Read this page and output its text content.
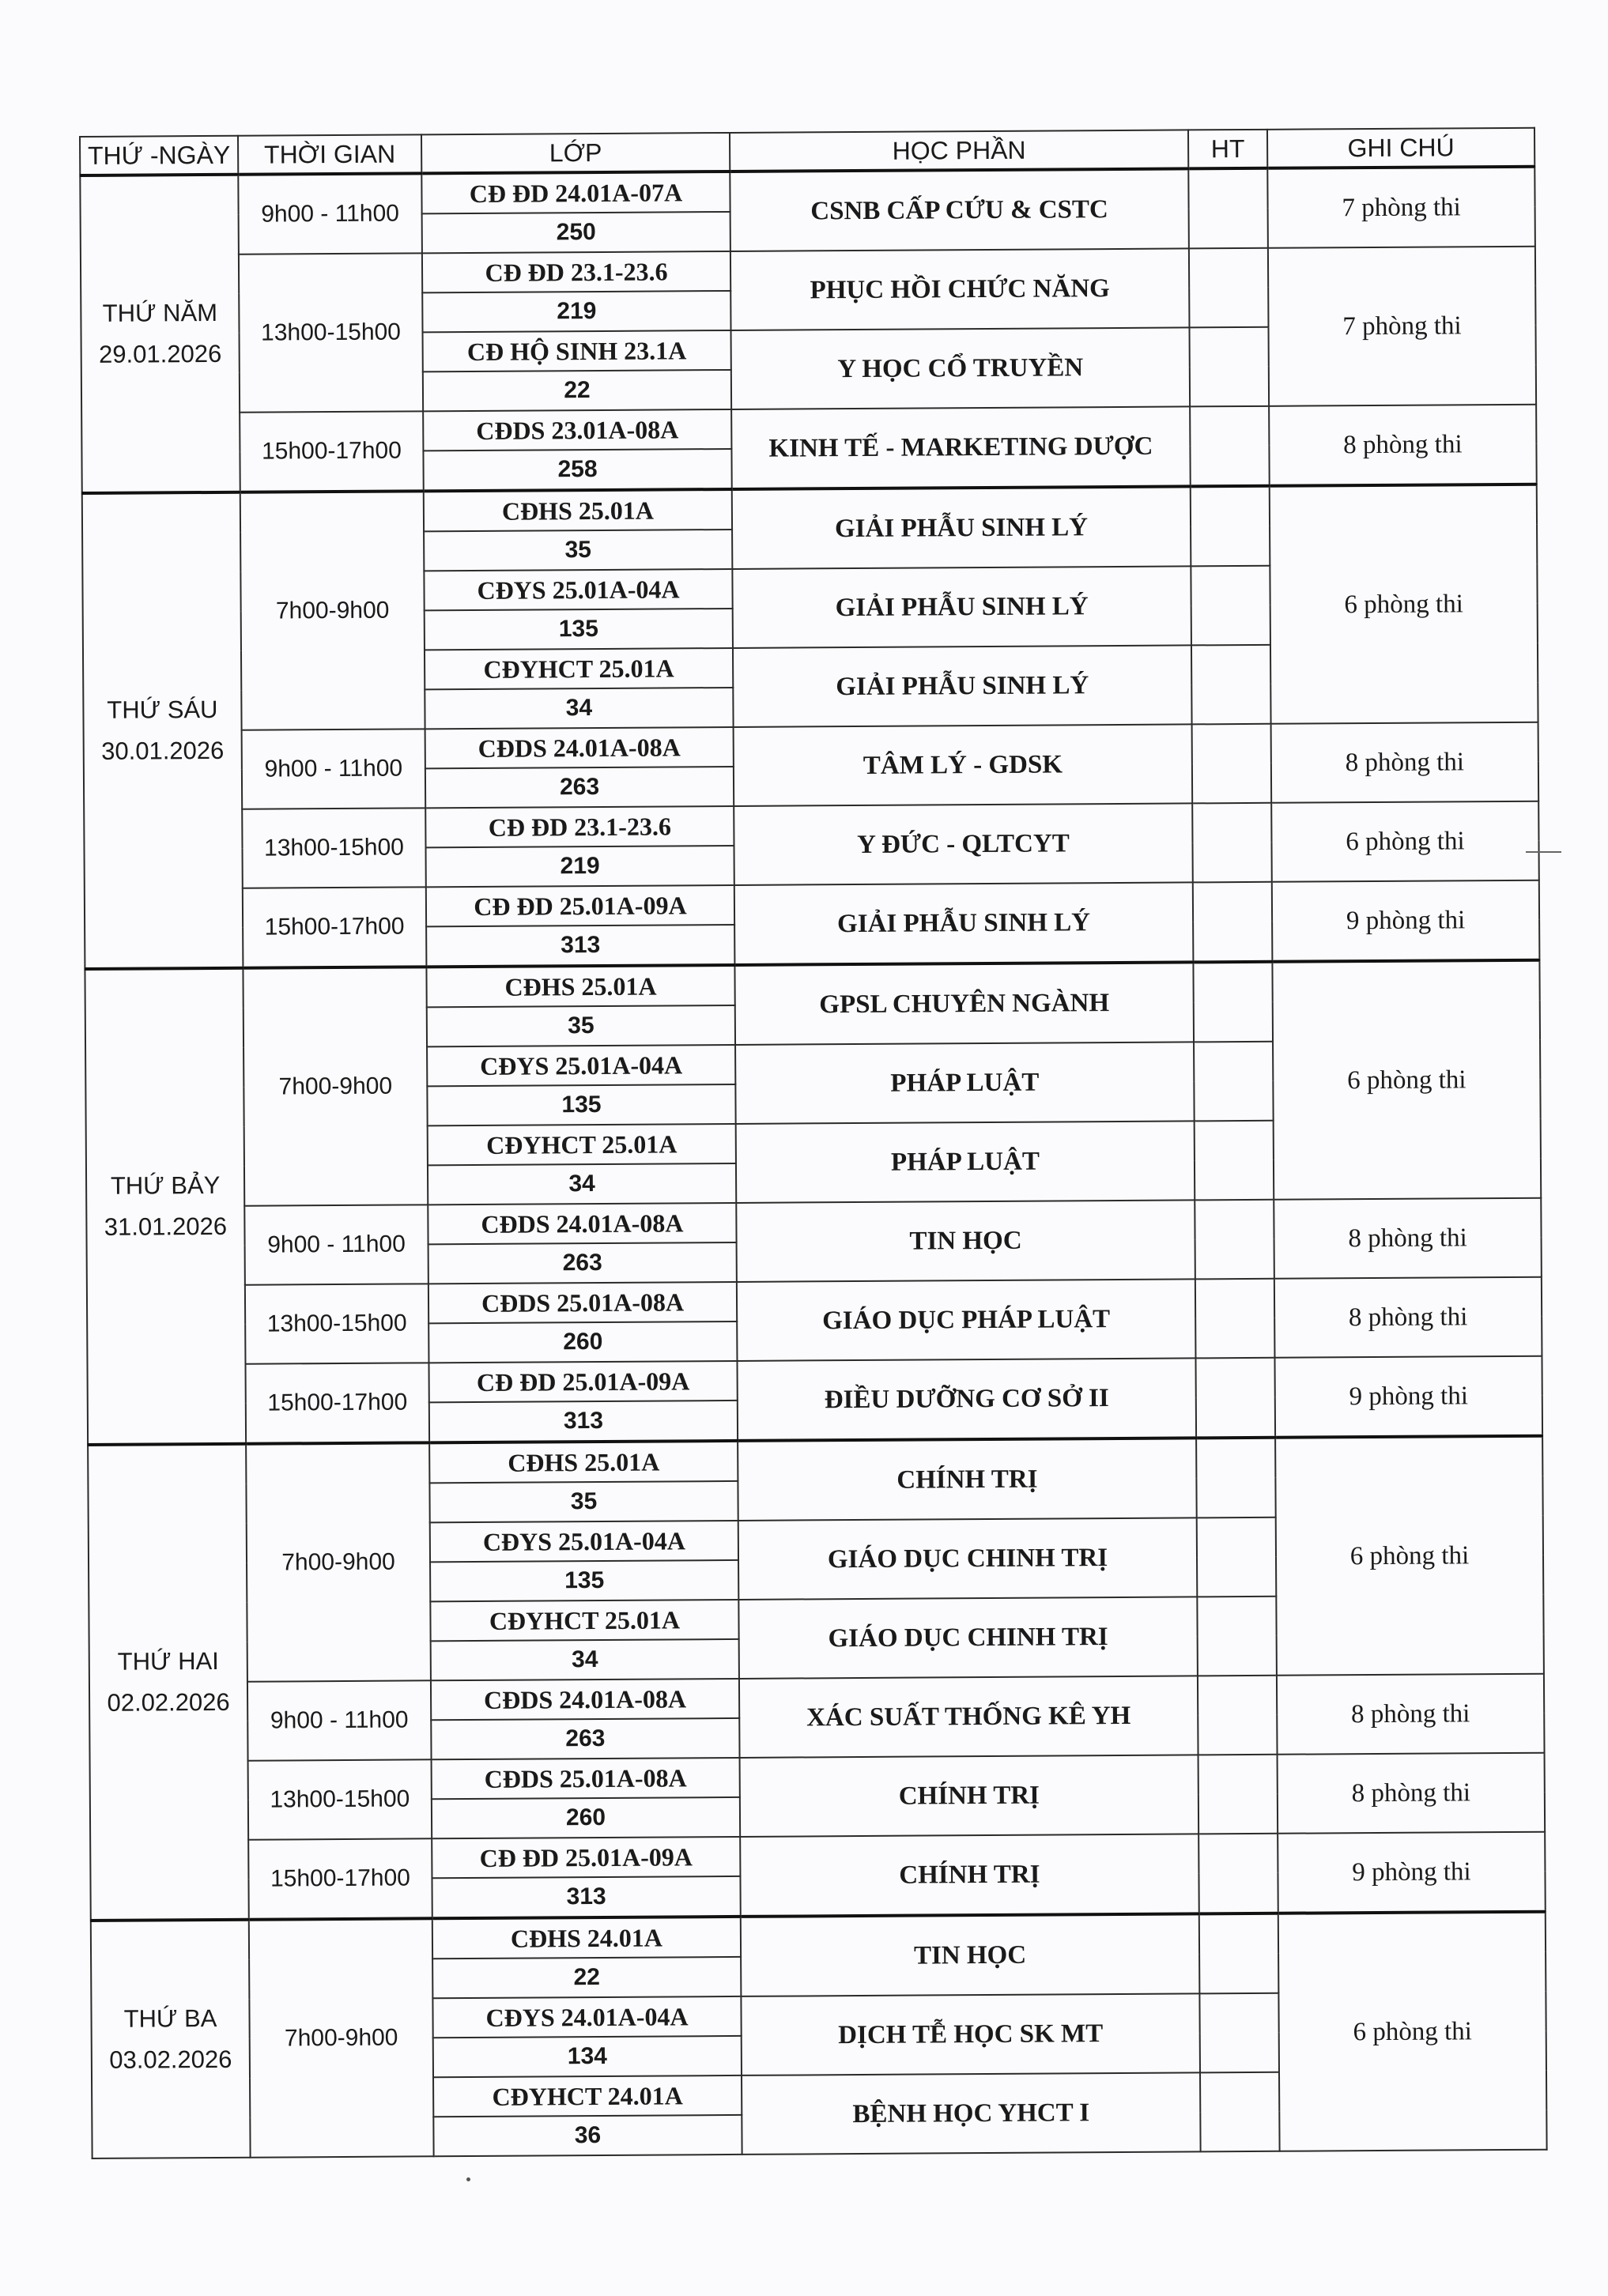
THỨ -NGÀY	THỜI GIAN	LỚP	HỌC PHẦN	HT	GHI CHÚ

THỨ NĂM
29.01.2026	9h00 - 11h00	CĐ ĐD 24.01A-07A	CSNB CẤP CỨU & CSTC		7 phòng thi
		250			
	13h00-15h00	CĐ ĐD 23.1-23.6	PHỤC HỒI CHỨC NĂNG		7 phòng thi
		219			
		CĐ HỘ SINH 23.1A	Y HỌC CỔ TRUYỀN		
		22			
	15h00-17h00	CĐDS 23.01A-08A	KINH TẾ - MARKETING DƯỢC		8 phòng thi
		258			

THỨ SÁU
30.01.2026	7h00-9h00	CĐHS 25.01A	GIẢI PHẪU SINH LÝ		6 phòng thi
		35			
		CĐYS 25.01A-04A	GIẢI PHẪU SINH LÝ		
		135			
		CĐYHCT 25.01A	GIẢI PHẪU SINH LÝ		
		34			
	9h00 - 11h00	CĐDS 24.01A-08A	TÂM LÝ - GDSK		8 phòng thi
		263			
	13h00-15h00	CĐ ĐD 23.1-23.6	Y ĐỨC - QLTCYT		6 phòng thi
		219			
	15h00-17h00	CĐ ĐD 25.01A-09A	GIẢI PHẪU SINH LÝ		9 phòng thi
		313			

THỨ BẢY
31.01.2026	7h00-9h00	CĐHS 25.01A	GPSL CHUYÊN NGÀNH		6 phòng thi
		35			
		CĐYS 25.01A-04A	PHÁP LUẬT		
		135			
		CĐYHCT 25.01A	PHÁP LUẬT		
		34			
	9h00 - 11h00	CĐDS 24.01A-08A	TIN HỌC		8 phòng thi
		263			
	13h00-15h00	CĐDS 25.01A-08A	GIÁO DỤC PHÁP LUẬT		8 phòng thi
		260			
	15h00-17h00	CĐ ĐD 25.01A-09A	ĐIỀU DƯỠNG CƠ SỞ II		9 phòng thi
		313			

THỨ HAI
02.02.2026	7h00-9h00	CĐHS 25.01A	CHÍNH TRỊ		6 phòng thi
		35			
		CĐYS 25.01A-04A	GIÁO DỤC CHINH TRỊ		
		135			
		CĐYHCT 25.01A	GIÁO DỤC CHINH TRỊ		
		34			
	9h00 - 11h00	CĐDS 24.01A-08A	XÁC SUẤT THỐNG KÊ YH		8 phòng thi
		263			
	13h00-15h00	CĐDS 25.01A-08A	CHÍNH TRỊ		8 phòng thi
		260			
	15h00-17h00	CĐ ĐD 25.01A-09A	CHÍNH TRỊ		9 phòng thi
		313			

THỨ BA
03.02.2026	7h00-9h00	CĐHS 24.01A	TIN HỌC		6 phòng thi
		22			
		CĐYS 24.01A-04A	DỊCH TỄ HỌC SK MT		
		134			
		CĐYHCT 24.01A	BỆNH HỌC YHCT I		
		36			
